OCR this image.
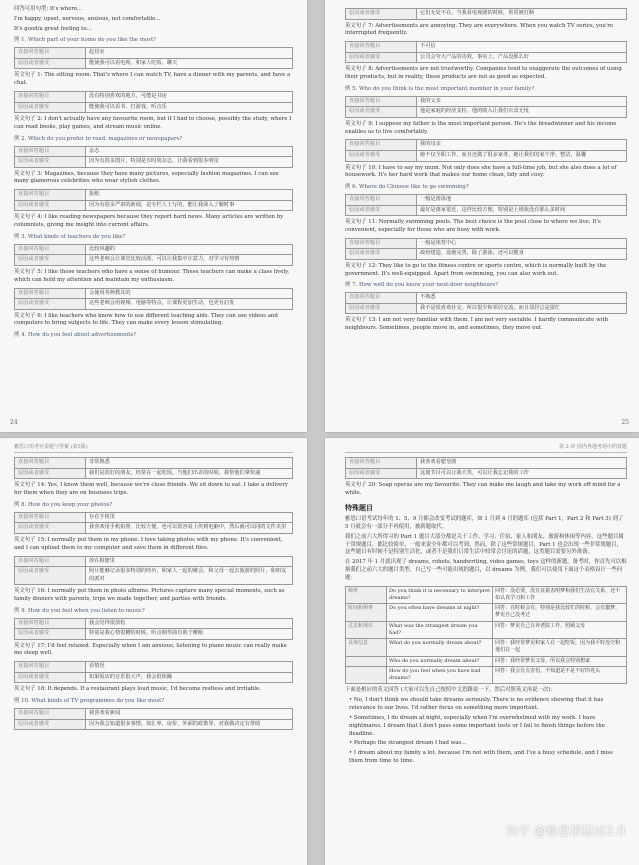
回答可用句型: It's where...
I'm happy, upset, nervous, anxious, not comfortable...
It's good/a great feeling to...
例 1. Which part of your home do you like the most?
直接回答题目	起居室
原因或者感受	能使我可以看电视、和家人吃饭、聊天
英文句子 1: The sitting room. That's where I can watch TV, have a dinner with my parents, and have a chat.
直接回答题目	没有特别喜欢的地方，可能是书房
原因或者感受	能使我可以看书、打游戏、听音乐
英文句子 2: I don't actually have any favourite room, but if I had to choose, possibly the study, where I can read books, play games, and stream music online.
例 2. Which do you prefer to read, magazines or newspapers?
直接回答题目	杂志
原因或者感受	因为有很多图片，特别是有时尚杂志，让我看到很多明星
英文句子 3: Magazines, because they have many pictures, especially fashion magazines. I can see many glamorous celebrities who wear stylish clothes.
直接回答题目	报纸
原因或者感受	因为有很多严肃的新闻，是专栏人士写的，能让我深入了解时事
英文句子 4: I like reading newspapers because they report hard news. Many articles are written by columnists, giving me insight into current affairs.
例 3. What kinds of teachers do you like?
直接回答题目	比较风趣的
原因或者感受	这些老师会让课堂比较活泼，可以让我集中注意力，对学习有热情
英文句子 5: I like those teachers who have a sense of humour. These teachers can make a class lively, which can hold my attention and maintain my enthusiasm.
直接回答题目	会使用各种教具的
原因或者感受	这些老师会用视频、电脑等特点，让课程更加生动，也更有启发
英文句子 6: I like teachers who know how to use different teaching aids. They can use videos and computers to bring subjects to life. They can make every lesson stimulating.
例 4. How do you feel about advertisements?
24
原因或者感受	它们无处不在，当我看电视剧的时候，常常被打断
英文句子 7: Advertisements are annoying. They are everywhere. When you watch TV series, you're interrupted frequently.
直接回答题目	不可信
原因或者感受	公司会夸大产品的功效，事实上，产品没那么好
英文句子 8: Advertisements are not trustworthy. Companies tend to exaggerate the outcomes of using their products, but in reality, these products are not as good as expected.
例 5. Who do you think is the most important member in your family?
直接回答题目	我的父亲
原因或者感受	他是家庭的经济支柱，他的收入让我们衣食无忧
英文句子 9: I suppose my father is the most important person. He's the breadwinner and his income enables us to live comfortably.
直接回答题目	我的母亲
原因或者感受	她不仅全职工作，而且还做了很多家务，她让我们的家干净、整洁、温馨
英文句子 10: I have to say my mum. Not only does she have a full-time job, but she also does a lot of housework. It's her hard work that makes our home clean, tidy and cosy.
例 6. Where do Chinese like to go swimming?
直接回答题目	一般是游泳池
原因或者感受	最好是离家很近，这样比较方便，特别是上班族没有那么多时间
英文句子 11: Normally swimming pools. The best choice is the pool close to where we live. It's convenient, especially for those who are busy with work.
直接回答题目	一般是体育中心
原因或者感受	政府建造，设施完善，除了游泳，还可以健身
英文句子 12: They like to go to the fitness centre or sports centre, which is normally built by the government. It's well-equipped. Apart from swimming, you can also work out.
例 7. How well do you know your next-door neighbours?
直接回答题目	不熟悉
原因或者感受	我不是很喜欢社交，所以很少和邻居交流，而且邻居总是很忙
英文句子 13: I am not very familiar with them. I am not very sociable. I hardly communicate with neighbours. Sometimes, people move in, and sometimes, they move out.
25
雅思口语考官说题与答案 (第5版)
直接回答题目	非常熟悉
原因或者感受	我们是很好的朋友，经常在一起吃饭，当他们出差的时候，我帮他们拿快递
英文句子 14: Yes, I know them well, because we're close friends. We sit down to eat. I take a delivery for them when they are on business trips.
例 8. How do you keep your photos?
直接回答题目	存在手机里
原因或者感受	我喜欢用手机拍照，比较方便，也可以很容易上传到电脑中，然后就可以同的文件夹里
英文句子 15: I normally put them in my phone. I love taking photos with my phone. It's convenient, and I can upload them to my computer and save them in different files.
直接回答题目	放在相册里
原因或者感受	照片能够记录很多特别的经历，和家人一起的聚会，和父母一起去旅游的照片，和朋友的派对
英文句子 16: I normally put them in photo albums. Pictures capture many special moments, such as family dinners with parents, trips we made together, and parties with friends.
例 9. How do you feel when you listen to music?
直接回答题目	我会觉得很放松
原因或者感受	特别是我心情很糟的时候，听点钢琴曲有助于睡眠
英文句子 17: I'd feel relaxed. Especially when I am anxious, listening to piano music can really make me sleep well.
直接回答题目	看情况
原因或者感受	如果饭店的音乐很大声，我会很烦躁
英文句子 18: It depends. If a restaurant plays loud music, I'd become restless and irritable.
例 10. What kinds of TV programmes do you like most?
直接回答题目	我喜欢看新闻
原因或者感受	因为我会知道很多事情，如汇率、房价、外面的政策等，对我做决定有帮助
第 2 章 国内各地考场中的真题
直接回答题目	我喜欢看肥皂剧
原因或者感受	这使节目可以让我大笑，可以让我忘记我的工作
英文句子 20: Soap operas are my favourite. They can make me laugh and take my work off mind for a while.
特殊题目
雅思口语考试每年的 1、5、9 月都会改变考试的题库，如 1 月到 4 月的题库 (包括 Part 1，Part 2 和 Part 3) 到了 5 月就会有一部分不再使用，被新题取代。
我们之前六大所得习的 Part 1 题目大部分都是关于工作、学习、住宿、家人和朋友、旅游和休闲等内容。这些题目属于常规题目，都比较简单，一般来说全年都可以考到。然而，除了这些常规题目，Part 1 也会出现一些非常规题目，这些题目有时候不是特别生活化，或者不是我们日常生活中较常会讨论的话题，这类题目需要另外准备。
在 2017 年 1 月就出现了 dreams, robots, handwriting, video games, toys 这样的新题。备考时，你首先可以根据我们之前六大的题目类型，自己写一些可能出现的题目，以 dreams 为例，我们可以使用下面这个表格设计一些问题：
频率	Do you think it is necessary to interpret dreams?	回答：没必要，没有证据表明梦和我们生活有关系，还不如认真学习和工作
时间和频率	Do you often have dreams at night?	回答：有时候会有，特别是我比较忙的时候，会有噩梦，梦见自己没考过
过去和现在	What was the strangest dream you had?	回答：梦见自己在养老院工作，照顾父母
具体信息	What do you normally dream about?	回答：我经常梦见和家人在一起吃饭，因为我平时没空和他们在一起
	Who do you normally dream about?	回答：我经常梦见父母，所以我会特别想家
	How do you feel when you have bad dreams?	回答：我会有点害怕，不知道是不是不好的兆头
下面是相应的英文回答 (大家可以先自己按照中文思路说一下，然后对照英文再说一次)：
• No, I don't think we should take dreams seriously. There is no evidence showing that it has relevance to our lives. I'd rather focus on something more important.
• Sometimes, I do dream at night, especially when I'm overwhelmed with my work. I have nightmares. I dream that I don't pass some important tests or I fail to finish things before the deadline.
• Perhaps the strangest dream I had was...
• I dream about my family a lot, because I'm not with them, and I've a busy schedule, and I miss them from time to time.
知乎 @雅思情报站2.0
